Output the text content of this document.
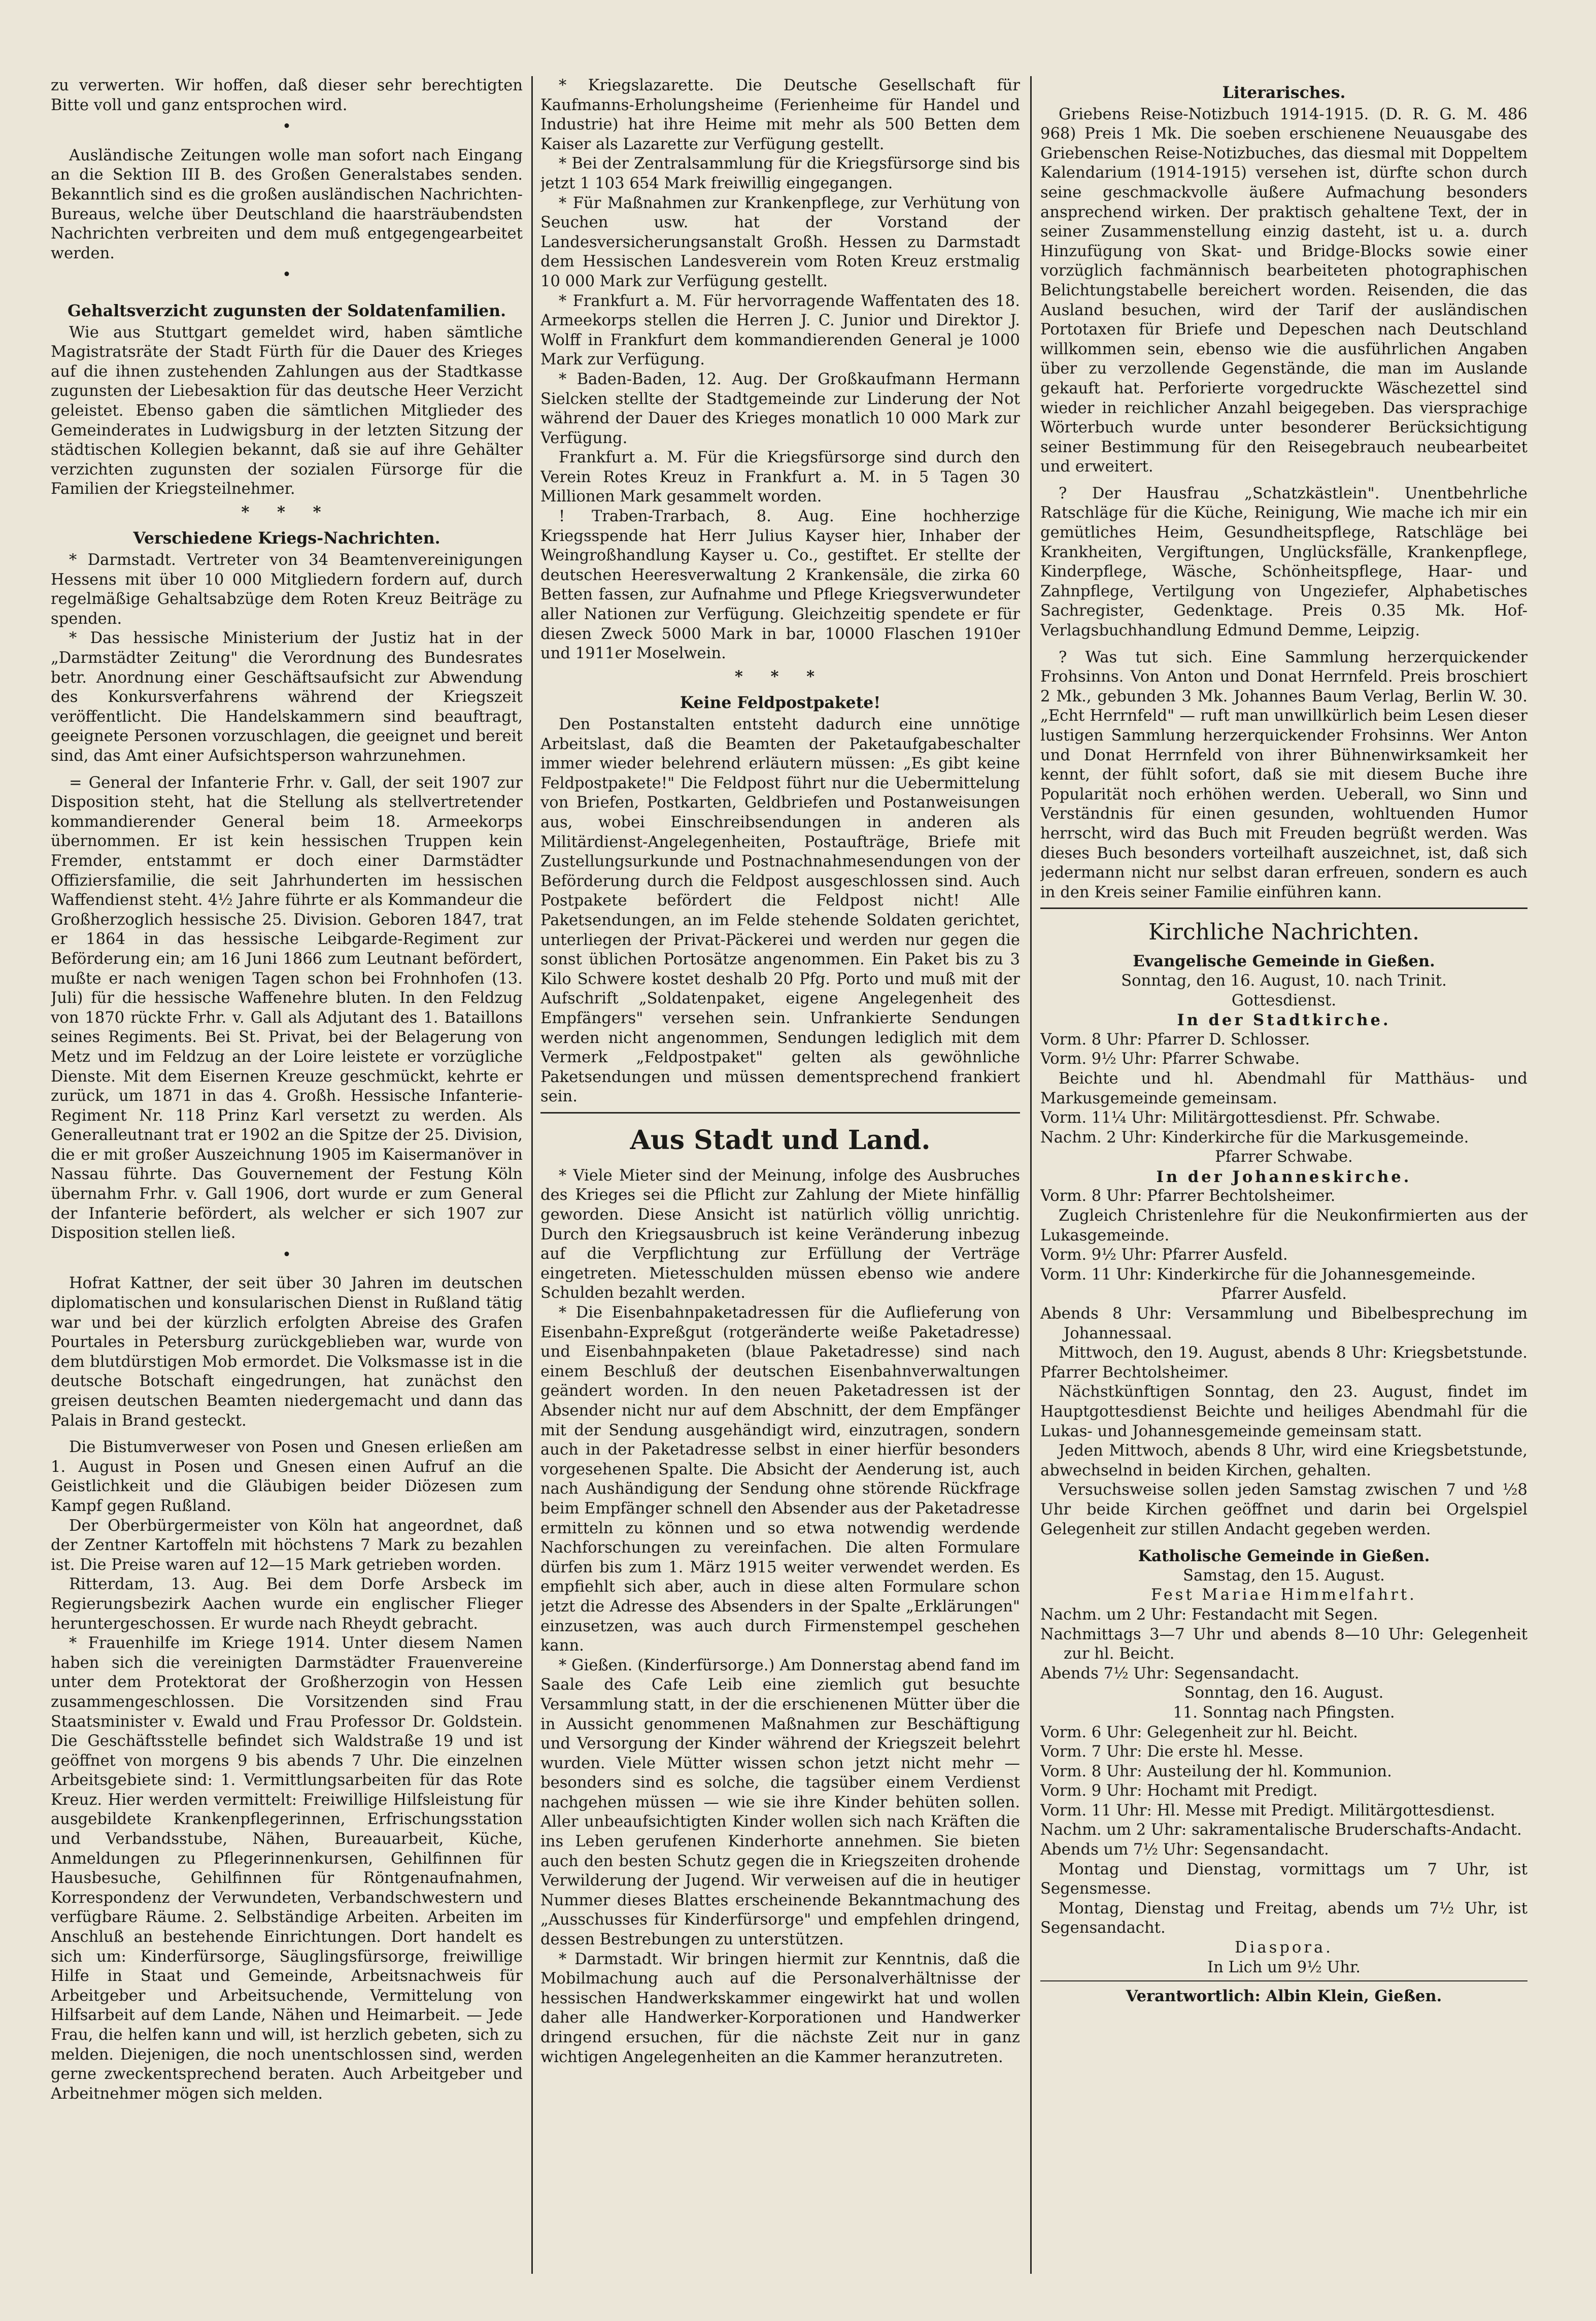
zu verwerten. Wir hoffen, daß dieser sehr berechtigten Bitte voll und ganz entsprochen wird.

•

Ausländische Zeitungen wolle man sofort nach Eingang an die Sektion III B. des Großen Generalstabes senden. Bekanntlich sind es die großen ausländischen Nachrichten-Bureaus, welche über Deutschland die haarsträubendsten Nachrichten verbreiten und dem muß entgegengearbeitet werden.

•
Gehaltsverzicht zugunsten der Soldatenfamilien.

Wie aus Stuttgart gemeldet wird, haben sämtliche Magistratsräte der Stadt Fürth für die Dauer des Krieges auf die ihnen zustehenden Zahlungen aus der Stadtkasse zugunsten der Liebesaktion für das deutsche Heer Verzicht geleistet. Ebenso gaben die sämtlichen Mitglieder des Gemeinderates in Ludwigsburg in der letzten Sitzung der städtischen Kollegien bekannt, daß sie auf ihre Gehälter verzichten zugunsten der sozialen Fürsorge für die Familien der Kriegsteilnehmer.

* * *
Verschiedene Kriegs-Nachrichten.

* Darmstadt. Vertreter von 34 Beamtenvereinigungen Hessens mit über 10 000 Mitgliedern fordern auf, durch regelmäßige Gehaltsabzüge dem Roten Kreuz Beiträge zu spenden.

* Das hessische Ministerium der Justiz hat in der „Darmstädter Zeitung" die Verordnung des Bundesrates betr. Anordnung einer Geschäftsaufsicht zur Abwendung des Konkursverfahrens während der Kriegszeit veröffentlicht. Die Handelskammern sind beauftragt, geeignete Personen vorzuschlagen, die geeignet und bereit sind, das Amt einer Aufsichtsperson wahrzunehmen.

= General der Infanterie Frhr. v. Gall, der seit 1907 zur Disposition steht, hat die Stellung als stellvertretender kommandierender General beim 18. Armeekorps übernommen. Er ist kein hessischen Truppen kein Fremder, entstammt er doch einer Darmstädter Offiziersfamilie, die seit Jahrhunderten im hessischen Waffendienst steht. 4½ Jahre führte er als Kommandeur die Großherzoglich hessische 25. Division. Geboren 1847, trat er 1864 in das hessische Leibgarde-Regiment zur Beförderung ein; am 16 Juni 1866 zum Leutnant befördert, mußte er nach wenigen Tagen schon bei Frohnhofen (13. Juli) für die hessische Waffenehre bluten. In den Feldzug von 1870 rückte Frhr. v. Gall als Adjutant des 1. Bataillons seines Regiments. Bei St. Privat, bei der Belagerung von Metz und im Feldzug an der Loire leistete er vorzügliche Dienste. Mit dem Eisernen Kreuze geschmückt, kehrte er zurück, um 1871 in das 4. Großh. Hessische Infanterie-Regiment Nr. 118 Prinz Karl versetzt zu werden. Als Generalleutnant trat er 1902 an die Spitze der 25. Division, die er mit großer Auszeichnung 1905 im Kaisermanöver in Nassau führte. Das Gouvernement der Festung Köln übernahm Frhr. v. Gall 1906, dort wurde er zum General der Infanterie befördert, als welcher er sich 1907 zur Disposition stellen ließ.

•

Hofrat Kattner, der seit über 30 Jahren im deutschen diplomatischen und konsularischen Dienst in Rußland tätig war und bei der kürzlich erfolgten Abreise des Grafen Pourtales in Petersburg zurückgeblieben war, wurde von dem blutdürstigen Mob ermordet. Die Volksmasse ist in die deutsche Botschaft eingedrungen, hat zunächst den greisen deutschen Beamten niedergemacht und dann das Palais in Brand gesteckt.

Die Bistumverweser von Posen und Gnesen erließen am 1. August in Posen und Gnesen einen Aufruf an die Geistlichkeit und die Gläubigen beider Diözesen zum Kampf gegen Rußland.

Der Oberbürgermeister von Köln hat angeordnet, daß der Zentner Kartoffeln mit höchstens 7 Mark zu bezahlen ist. Die Preise waren auf 12—15 Mark getrieben worden.

Ritterdam, 13. Aug. Bei dem Dorfe Arsbeck im Regierungsbezirk Aachen wurde ein englischer Flieger heruntergeschossen. Er wurde nach Rheydt gebracht.

* Frauenhilfe im Kriege 1914. Unter diesem Namen haben sich die vereinigten Darmstädter Frauenvereine unter dem Protektorat der Großherzogin von Hessen zusammengeschlossen. Die Vorsitzenden sind Frau Staatsminister v. Ewald und Frau Professor Dr. Goldstein. Die Geschäftsstelle befindet sich Waldstraße 19 und ist geöffnet von morgens 9 bis abends 7 Uhr. Die einzelnen Arbeitsgebiete sind: 1. Vermittlungsarbeiten für das Rote Kreuz. Hier werden vermittelt: Freiwillige Hilfsleistung für ausgebildete Krankenpflegerinnen, Erfrischungsstation und Verbandsstube, Nähen, Bureauarbeit, Küche, Anmeldungen zu Pflegerinnenkursen, Gehilfinnen für Hausbesuche, Gehilfinnen für Röntgenaufnahmen, Korrespondenz der Verwundeten, Verbandschwestern und verfügbare Räume. 2. Selbständige Arbeiten. Arbeiten im Anschluß an bestehende Einrichtungen. Dort handelt es sich um: Kinderfürsorge, Säuglingsfürsorge, freiwillige Hilfe in Staat und Gemeinde, Arbeitsnachweis für Arbeitgeber und Arbeitsuchende, Vermittelung von Hilfsarbeit auf dem Lande, Nähen und Heimarbeit. — Jede Frau, die helfen kann und will, ist herzlich gebeten, sich zu melden. Diejenigen, die noch unentschlossen sind, werden gerne zweckentsprechend beraten. Auch Arbeitgeber und Arbeitnehmer mögen sich melden.

* Kriegslazarette. Die Deutsche Gesellschaft für Kaufmanns-Erholungsheime (Ferienheime für Handel und Industrie) hat ihre Heime mit mehr als 500 Betten dem Kaiser als Lazarette zur Verfügung gestellt.

* Bei der Zentralsammlung für die Kriegsfürsorge sind bis jetzt 1 103 654 Mark freiwillig eingegangen.

* Für Maßnahmen zur Krankenpflege, zur Verhütung von Seuchen usw. hat der Vorstand der Landesversicherungsanstalt Großh. Hessen zu Darmstadt dem Hessischen Landesverein vom Roten Kreuz erstmalig 10 000 Mark zur Verfügung gestellt.

* Frankfurt a. M. Für hervorragende Waffentaten des 18. Armeekorps stellen die Herren J. C. Junior und Direktor J. Wolff in Frankfurt dem kommandierenden General je 1000 Mark zur Verfügung.

* Baden-Baden, 12. Aug. Der Großkaufmann Hermann Sielcken stellte der Stadtgemeinde zur Linderung der Not während der Dauer des Krieges monatlich 10 000 Mark zur Verfügung.

Frankfurt a. M. Für die Kriegsfürsorge sind durch den Verein Rotes Kreuz in Frankfurt a. M. in 5 Tagen 30 Millionen Mark gesammelt worden.

! Traben-Trarbach, 8. Aug. Eine hochherzige Kriegsspende hat Herr Julius Kayser hier, Inhaber der Weingroßhandlung Kayser u. Co., gestiftet. Er stellte der deutschen Heeresverwaltung 2 Krankensäle, die zirka 60 Betten fassen, zur Aufnahme und Pflege Kriegsverwundeter aller Nationen zur Verfügung. Gleichzeitig spendete er für diesen Zweck 5000 Mark in bar, 10000 Flaschen 1910er und 1911er Moselwein.

* * *
Keine Feldpostpakete!

Den Postanstalten entsteht dadurch eine unnötige Arbeitslast, daß die Beamten der Paketaufgabeschalter immer wieder belehrend erläutern müssen: „Es gibt keine Feldpostpakete!" Die Feldpost führt nur die Uebermittelung von Briefen, Postkarten, Geldbriefen und Postanweisungen aus, wobei Einschreibsendungen in anderen als Militärdienst-Angelegenheiten, Postaufträge, Briefe mit Zustellungsurkunde und Postnachnahmesendungen von der Beförderung durch die Feldpost ausgeschlossen sind. Auch Postpakete befördert die Feldpost nicht! Alle Paketsendungen, an im Felde stehende Soldaten gerichtet, unterliegen der Privat-Päckerei und werden nur gegen die sonst üblichen Portosätze angenommen. Ein Paket bis zu 3 Kilo Schwere kostet deshalb 20 Pfg. Porto und muß mit der Aufschrift „Soldatenpaket, eigene Angelegenheit des Empfängers" versehen sein. Unfrankierte Sendungen werden nicht angenommen, Sendungen lediglich mit dem Vermerk „Feldpostpaket" gelten als gewöhnliche Paketsendungen und müssen dementsprechend frankiert sein.

Aus Stadt und Land.

* Viele Mieter sind der Meinung, infolge des Ausbruches des Krieges sei die Pflicht zur Zahlung der Miete hinfällig geworden. Diese Ansicht ist natürlich völlig unrichtig. Durch den Kriegsausbruch ist keine Veränderung inbezug auf die Verpflichtung zur Erfüllung der Verträge eingetreten. Mietesschulden müssen ebenso wie andere Schulden bezahlt werden.

* Die Eisenbahnpaketadressen für die Auflieferung von Eisenbahn-Expreßgut (rotgeränderte weiße Paketadresse) und Eisenbahnpaketen (blaue Paketadresse) sind nach einem Beschluß der deutschen Eisenbahnverwaltungen geändert worden. In den neuen Paketadressen ist der Absender nicht nur auf dem Abschnitt, der dem Empfänger mit der Sendung ausgehändigt wird, einzutragen, sondern auch in der Paketadresse selbst in einer hierfür besonders vorgesehenen Spalte. Die Absicht der Aenderung ist, auch nach Aushändigung der Sendung ohne störende Rückfrage beim Empfänger schnell den Absender aus der Paketadresse ermitteln zu können und so etwa notwendig werdende Nachforschungen zu vereinfachen. Die alten Formulare dürfen bis zum 1. März 1915 weiter verwendet werden. Es empfiehlt sich aber, auch in diese alten Formulare schon jetzt die Adresse des Absenders in der Spalte „Erklärungen" einzusetzen, was auch durch Firmenstempel geschehen kann.

* Gießen. (Kinderfürsorge.) Am Donnerstag abend fand im Saale des Cafe Leib eine ziemlich gut besuchte Versammlung statt, in der die erschienenen Mütter über die in Aussicht genommenen Maßnahmen zur Beschäftigung und Versorgung der Kinder während der Kriegszeit belehrt wurden. Viele Mütter wissen schon jetzt nicht mehr — besonders sind es solche, die tagsüber einem Verdienst nachgehen müssen — wie sie ihre Kinder behüten sollen. Aller unbeaufsichtigten Kinder wollen sich nach Kräften die ins Leben gerufenen Kinderhorte annehmen. Sie bieten auch den besten Schutz gegen die in Kriegszeiten drohende Verwilderung der Jugend. Wir verweisen auf die in heutiger Nummer dieses Blattes erscheinende Bekanntmachung des „Ausschusses für Kinderfürsorge" und empfehlen dringend, dessen Bestrebungen zu unterstützen.

* Darmstadt. Wir bringen hiermit zur Kenntnis, daß die Mobilmachung auch auf die Personalverhältnisse der hessischen Handwerkskammer eingewirkt hat und wollen daher alle Handwerker-Korporationen und Handwerker dringend ersuchen, für die nächste Zeit nur in ganz wichtigen Angelegenheiten an die Kammer heranzutreten.

Literarisches.

Griebens Reise-Notizbuch 1914-1915. (D. R. G. M. 486 968) Preis 1 Mk. Die soeben erschienene Neuausgabe des Griebenschen Reise-Notizbuches, das diesmal mit Doppeltem Kalendarium (1914-1915) versehen ist, dürfte schon durch seine geschmackvolle äußere Aufmachung besonders ansprechend wirken. Der praktisch gehaltene Text, der in seiner Zusammenstellung einzig dasteht, ist u. a. durch Hinzufügung von Skat- und Bridge-Blocks sowie einer vorzüglich fachmännisch bearbeiteten photographischen Belichtungstabelle bereichert worden. Reisenden, die das Ausland besuchen, wird der Tarif der ausländischen Portotaxen für Briefe und Depeschen nach Deutschland willkommen sein, ebenso wie die ausführlichen Angaben über zu verzollende Gegenstände, die man im Auslande gekauft hat. Perforierte vorgedruckte Wäschezettel sind wieder in reichlicher Anzahl beigegeben. Das viersprachige Wörterbuch wurde unter besonderer Berücksichtigung seiner Bestimmung für den Reisegebrauch neubearbeitet und erweitert.

? Der Hausfrau „Schatzkästlein". Unentbehrliche Ratschläge für die Küche, Reinigung, Wie mache ich mir ein gemütliches Heim, Gesundheitspflege, Ratschläge bei Krankheiten, Vergiftungen, Unglücksfälle, Krankenpflege, Kinderpflege, Wäsche, Schönheitspflege, Haar- und Zahnpflege, Vertilgung von Ungeziefer, Alphabetisches Sachregister, Gedenktage. Preis 0.35 Mk. Hof-Verlagsbuchhandlung Edmund Demme, Leipzig.

? Was tut sich. Eine Sammlung herzerquickender Frohsinns. Von Anton und Donat Herrnfeld. Preis broschiert 2 Mk., gebunden 3 Mk. Johannes Baum Verlag, Berlin W. 30. „Echt Herrnfeld" — ruft man unwillkürlich beim Lesen dieser lustigen Sammlung herzerquickender Frohsinns. Wer Anton und Donat Herrnfeld von ihrer Bühnenwirksamkeit her kennt, der fühlt sofort, daß sie mit diesem Buche ihre Popularität noch erhöhen werden. Ueberall, wo Sinn und Verständnis für einen gesunden, wohltuenden Humor herrscht, wird das Buch mit Freuden begrüßt werden. Was dieses Buch besonders vorteilhaft auszeichnet, ist, daß sich jedermann nicht nur selbst daran erfreuen, sondern es auch in den Kreis seiner Familie einführen kann.

Kirchliche Nachrichten.
Evangelische Gemeinde in Gießen.
Sonntag, den 16. August, 10. nach Trinit.
Gottesdienst.
In der Stadtkirche.
Vorm. 8 Uhr: Pfarrer D. Schlosser.
Vorm. 9½ Uhr: Pfarrer Schwabe.

Beichte und hl. Abendmahl für Matthäus- und Markusgemeinde gemeinsam.

Vorm. 11¼ Uhr: Militärgottesdienst. Pfr. Schwabe.
Nachm. 2 Uhr: Kinderkirche für die Markusgemeinde.
Pfarrer Schwabe.
In der Johanneskirche.
Vorm. 8 Uhr: Pfarrer Bechtolsheimer.

Zugleich Christenlehre für die Neukonfirmierten aus der Lukasgemeinde.

Vorm. 9½ Uhr: Pfarrer Ausfeld.
Vorm. 11 Uhr: Kinderkirche für die Johannesgemeinde.
Pfarrer Ausfeld.
Abends 8 Uhr: Versammlung und Bibelbesprechung im Johannessaal.

Mittwoch, den 19. August, abends 8 Uhr: Kriegsbetstunde. Pfarrer Bechtolsheimer.

Nächstkünftigen Sonntag, den 23. August, findet im Hauptgottesdienst Beichte und heiliges Abendmahl für die Lukas- und Johannesgemeinde gemeinsam statt.

Jeden Mittwoch, abends 8 Uhr, wird eine Kriegsbetstunde, abwechselnd in beiden Kirchen, gehalten.

Versuchsweise sollen jeden Samstag zwischen 7 und ½8 Uhr beide Kirchen geöffnet und darin bei Orgelspiel Gelegenheit zur stillen Andacht gegeben werden.

Katholische Gemeinde in Gießen.
Samstag, den 15. August.
Fest Mariae Himmelfahrt.
Nachm. um 2 Uhr: Festandacht mit Segen.
Nachmittags 3—7 Uhr und abends 8—10 Uhr: Gelegenheit zur hl. Beicht.
Abends 7½ Uhr: Segensandacht.
Sonntag, den 16. August.
11. Sonntag nach Pfingsten.
Vorm. 6 Uhr: Gelegenheit zur hl. Beicht.
Vorm. 7 Uhr: Die erste hl. Messe.
Vorm. 8 Uhr: Austeilung der hl. Kommunion.
Vorm. 9 Uhr: Hochamt mit Predigt.
Vorm. 11 Uhr: Hl. Messe mit Predigt. Militärgottesdienst.
Nachm. um 2 Uhr: sakramentalische Bruderschafts-Andacht.
Abends um 7½ Uhr: Segensandacht.

Montag und Dienstag, vormittags um 7 Uhr, ist Segensmesse.

Montag, Dienstag und Freitag, abends um 7½ Uhr, ist Segensandacht.

Diaspora.
In Lich um 9½ Uhr.
Verantwortlich: Albin Klein, Gießen.
